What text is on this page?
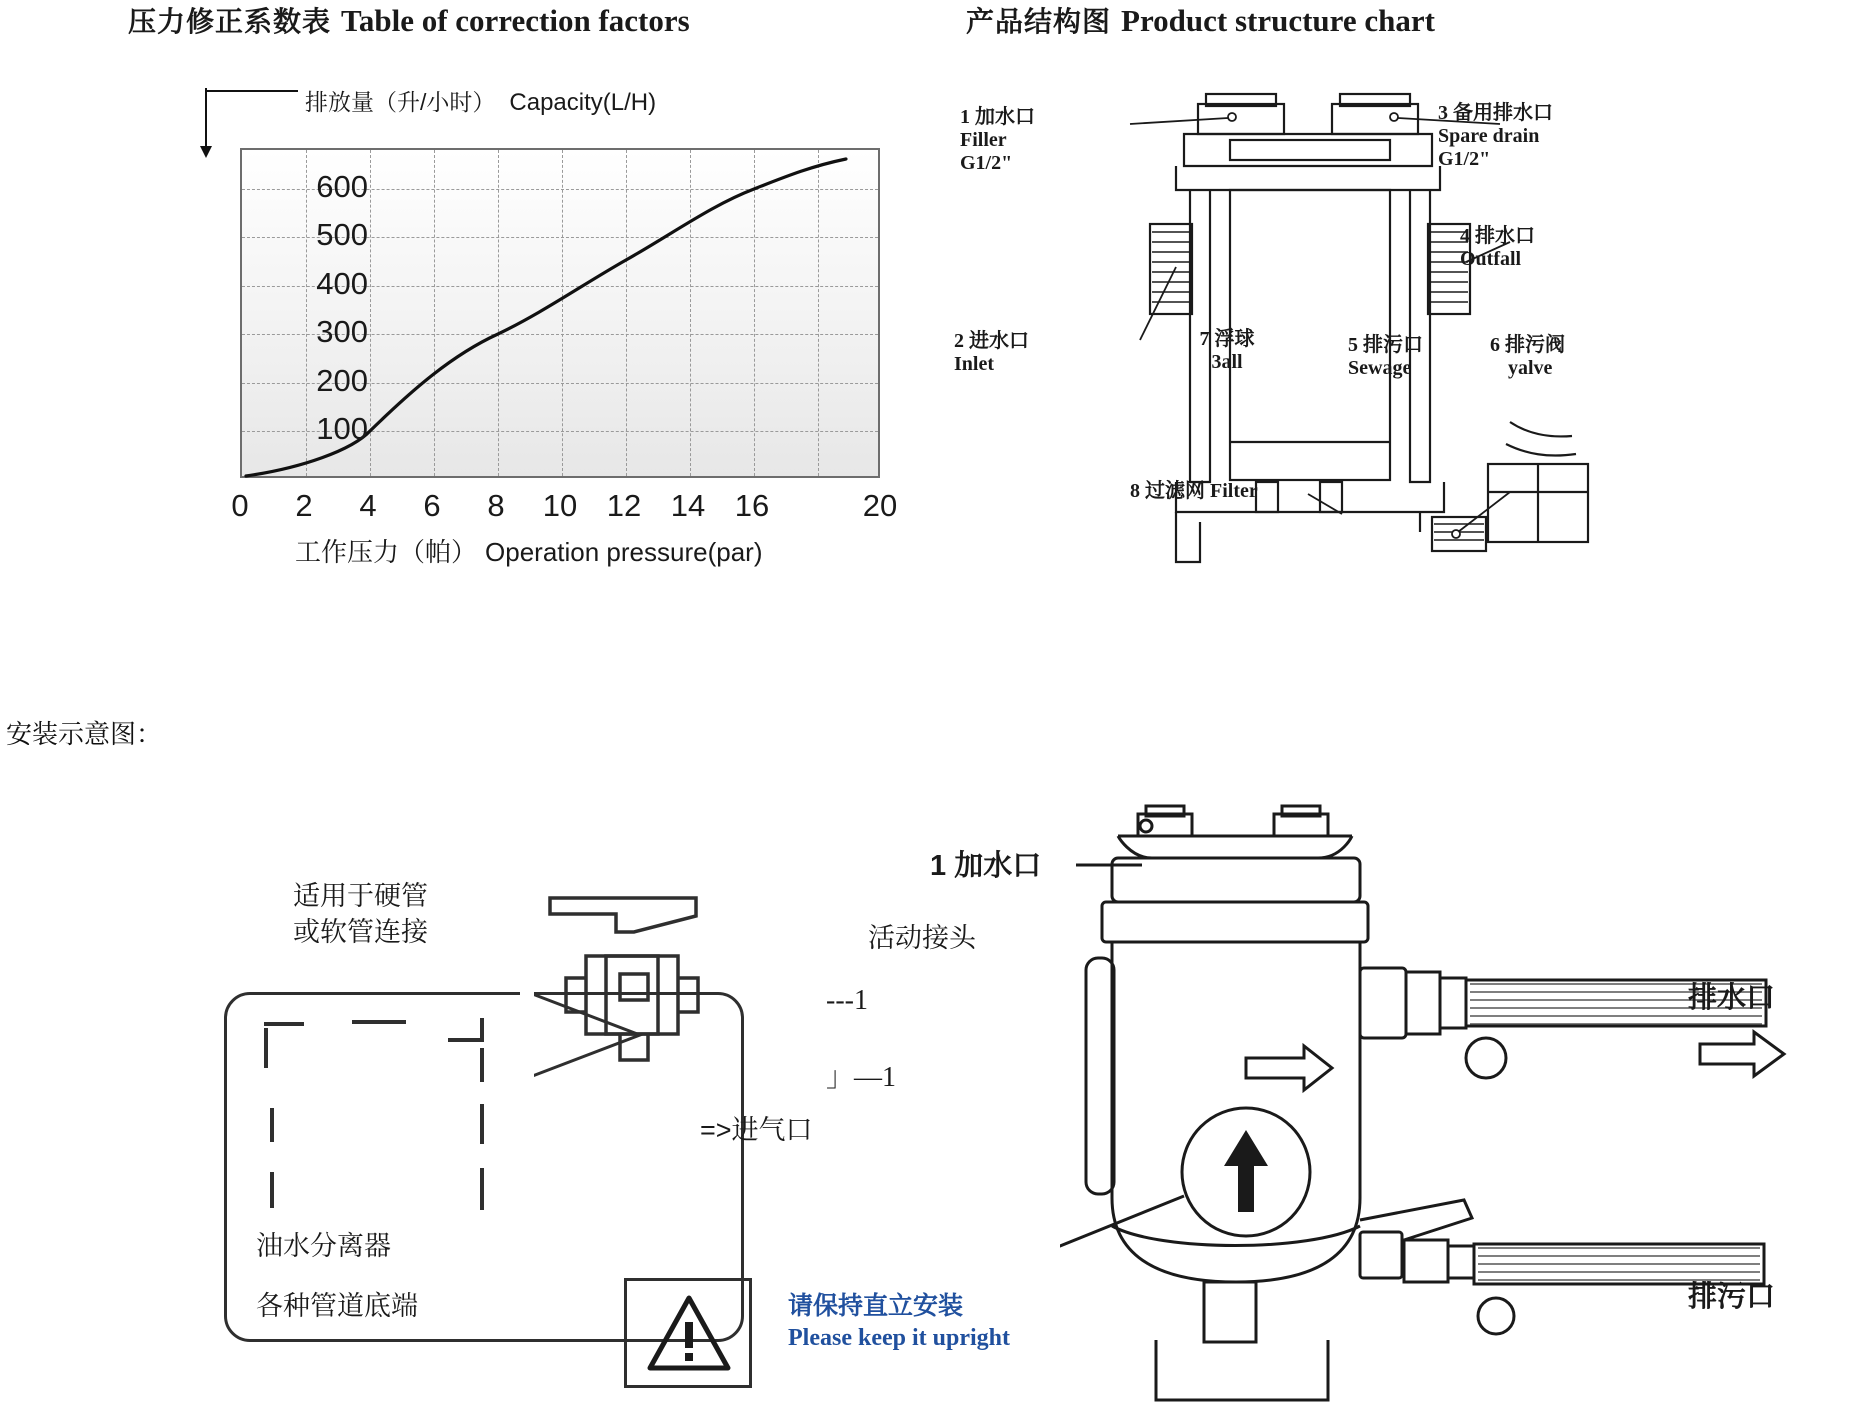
压力修正系数表 Table of correction factors	产品结构图 Product structure chart
排放量（升/小时） Capacity(L/H)
100
200
300
400
500
600
0 2 4 6 8 10 12 14 16	20
工作压力（帕） Operation pressure(par)
1 加水口
Filler
G1/2"
2 进水口
Inlet
3 备用排水口
Spare drain
G1/2"
4 排水口
Outfall
5 排污口
Sewage
6 排污阀
yalve
7 浮球
3all
8 过滤网 Filter
安装示意图：
适用于硬管
或软管连接
油水分离器
各种管道底端
活动接头
---1
」—1
=>进气口
请保持直立安装
Please keep it upright
1 加水口
排水口
排污口
